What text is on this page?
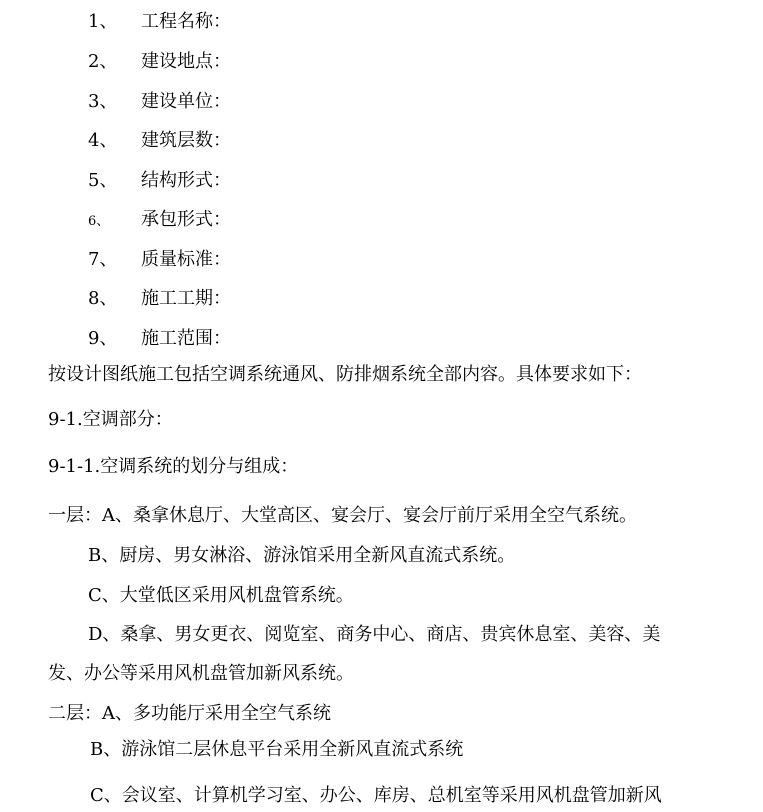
1、 工程名称：
2、 建设地点：
3、 建设单位：
4、 建筑层数：
5、 结构形式：
6、 承包形式：
7、 质量标准：
8、 施工工期：
9、 施工范围：
按设计图纸施工包括空调系统通风、防排烟系统全部内容。具体要求如下：
9-1.空调部分：
9-1-1.空调系统的划分与组成：
一层：A、桑拿休息厅、大堂高区、宴会厅、宴会厅前厅采用全空气系统。
B、厨房、男女淋浴、游泳馆采用全新风直流式系统。
C、大堂低区采用风机盘管系统。
D、桑拿、男女更衣、阅览室、商务中心、商店、贵宾休息室、美容、美
发、办公等采用风机盘管加新风系统。
二层：A、多功能厅采用全空气系统
B、游泳馆二层休息平台采用全新风直流式系统
C、会议室、计算机学习室、办公、库房、总机室等采用风机盘管加新风
